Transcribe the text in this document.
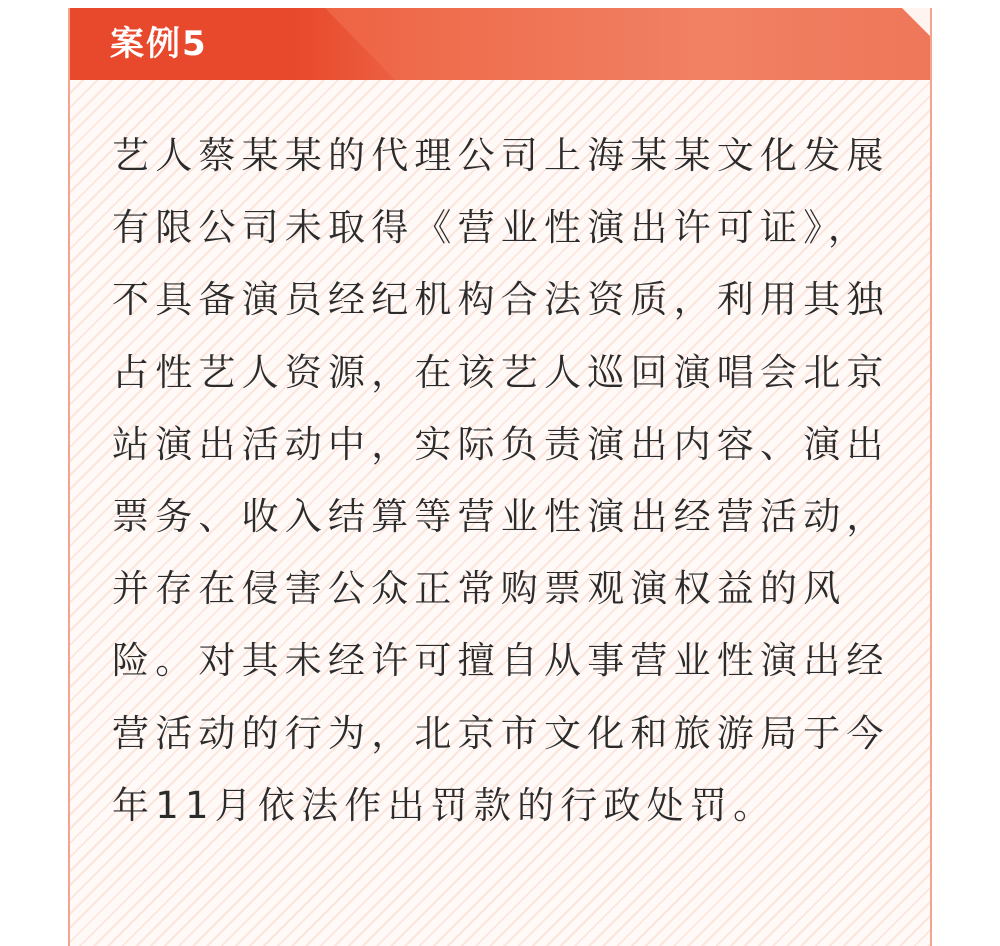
案例5

艺人蔡某某的代理公司上海某某文化发展有限公司未取得《营业性演出许可证》，不具备演员经纪机构合法资质，利用其独占性艺人资源，在该艺人巡回演唱会北京站演出活动中，实际负责演出内容、演出票务、收入结算等营业性演出经营活动，并存在侵害公众正常购票观演权益的风险。对其未经许可擅自从事营业性演出经营活动的行为，北京市文化和旅游局于今年11月依法作出罚款的行政处罚。
